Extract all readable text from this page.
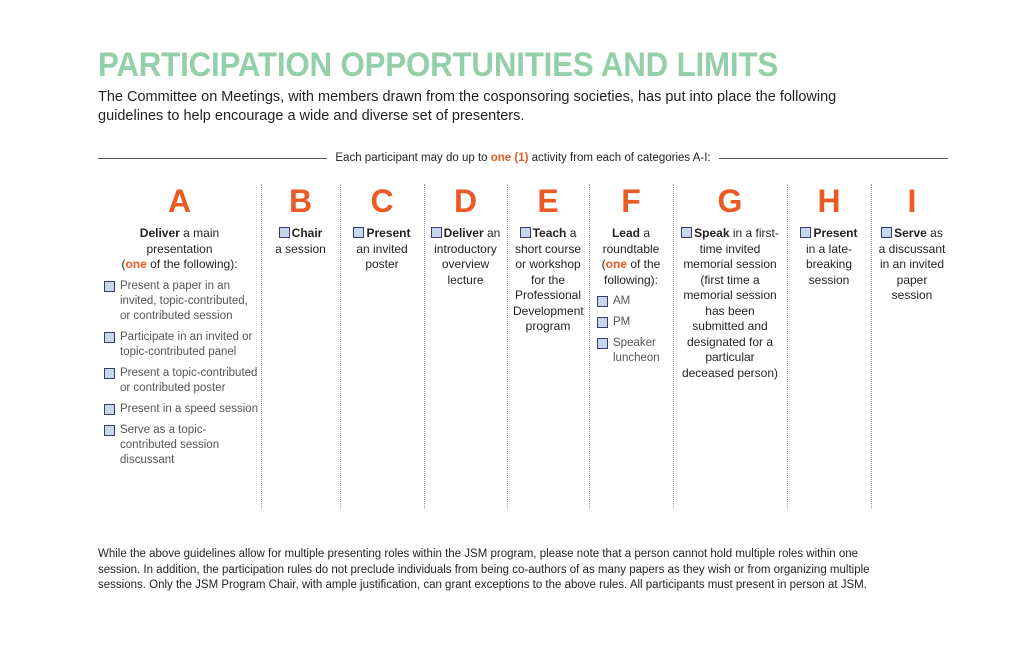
PARTICIPATION OPPORTUNITIES AND LIMITS

The Committee on Meetings, with members drawn from the cosponsoring societies, has put into place the following guidelines to help encourage a wide and diverse set of presenters.

Each participant may do up to one (1) activity from each of categories A-I:
A
Deliver a main presentation
(one of the following):
Present a paper in an invited, topic-contributed, or contributed session
Participate in an invited or topic-contributed panel
Present a topic-contributed or contributed poster
Present in a speed session
Serve as a topic-contributed session discussant
B
Chair
a session
C
Present
an invited poster
D
Deliver an introductory overview lecture
E
Teach a short course or workshop for the Professional Development program
F
Lead a roundtable
(one of the following):
AM
PM
Speaker luncheon
G
Speak in a first-time invited memorial session (first time a memorial session has been submitted and designated for a particular deceased person)
H
Present in a late-breaking session
I
Serve as a discussant in an invited paper session

While the above guidelines allow for multiple presenting roles within the JSM program, please note that a person cannot hold multiple roles within one session. In addition, the participation rules do not preclude individuals from being co-authors of as many papers as they wish or from organizing multiple sessions. Only the JSM Program Chair, with ample justification, can grant exceptions to the above rules. All participants must present in person at JSM.
